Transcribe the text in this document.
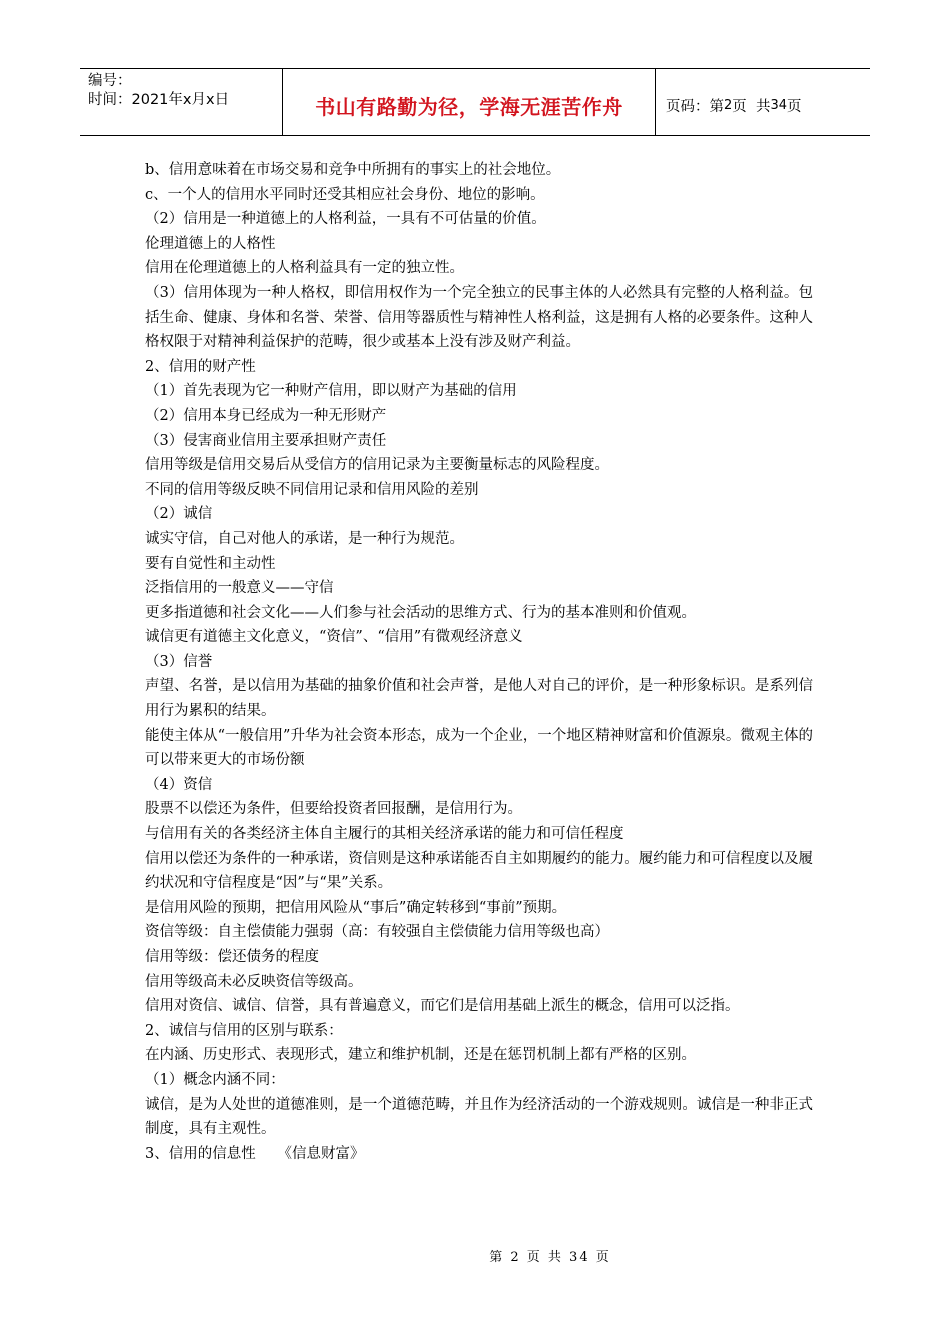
编号：
时间：2021年x月x日	书山有路勤为径，学海无涯苦作舟	页码：第 2 页  共 34 页

b、信用意味着在市场交易和竞争中所拥有的事实上的社会地位。

c、一个人的信用水平同时还受其相应社会身份、地位的影响。

（2）信用是一种道德上的人格利益，一具有不可估量的价值。

伦理道德上的人格性

信用在伦理道德上的人格利益具有一定的独立性。

（3）信用体现为一种人格权，即信用权作为一个完全独立的民事主体的人必然具有完整的人格利益。包括生命、健康、身体和名誉、荣誉、信用等器质性与精神性人格利益，这是拥有人格的必要条件。这种人格权限于对精神利益保护的范畴，很少或基本上没有涉及财产利益。

2、信用的财产性

（1）首先表现为它一种财产信用，即以财产为基础的信用

（2）信用本身已经成为一种无形财产

（3）侵害商业信用主要承担财产责任

信用等级是信用交易后从受信方的信用记录为主要衡量标志的风险程度。

不同的信用等级反映不同信用记录和信用风险的差别

（2）诚信

诚实守信，自己对他人的承诺，是一种行为规范。

要有自觉性和主动性

泛指信用的一般意义——守信

更多指道德和社会文化——人们参与社会活动的思维方式、行为的基本准则和价值观。

诚信更有道德主文化意义，“资信”、“信用”有微观经济意义

（3）信誉

声望、名誉，是以信用为基础的抽象价值和社会声誉，是他人对自己的评价，是一种形象标识。是系列信用行为累积的结果。

能使主体从“一般信用”升华为社会资本形态，成为一个企业，一个地区精神财富和价值源泉。微观主体的可以带来更大的市场份额

（4）资信

股票不以偿还为条件，但要给投资者回报酬，是信用行为。

与信用有关的各类经济主体自主履行的其相关经济承诺的能力和可信任程度

信用以偿还为条件的一种承诺，资信则是这种承诺能否自主如期履约的能力。履约能力和可信程度以及履约状况和守信程度是“因”与“果”关系。

是信用风险的预期，把信用风险从“事后”确定转移到“事前”预期。

资信等级：自主偿债能力强弱（高：有较强自主偿债能力信用等级也高）

信用等级：偿还债务的程度

信用等级高未必反映资信等级高。

信用对资信、诚信、信誉，具有普遍意义，而它们是信用基础上派生的概念，信用可以泛指。

2、诚信与信用的区别与联系：

在内涵、历史形式、表现形式，建立和维护机制，还是在惩罚机制上都有严格的区别。

（1）概念内涵不同：

诚信，是为人处世的道德准则，是一个道德范畴，并且作为经济活动的一个游戏规则。诚信是一种非正式制度，具有主观性。

3、信用的信息性　　《信息财富》

第 2 页 共 34 页
